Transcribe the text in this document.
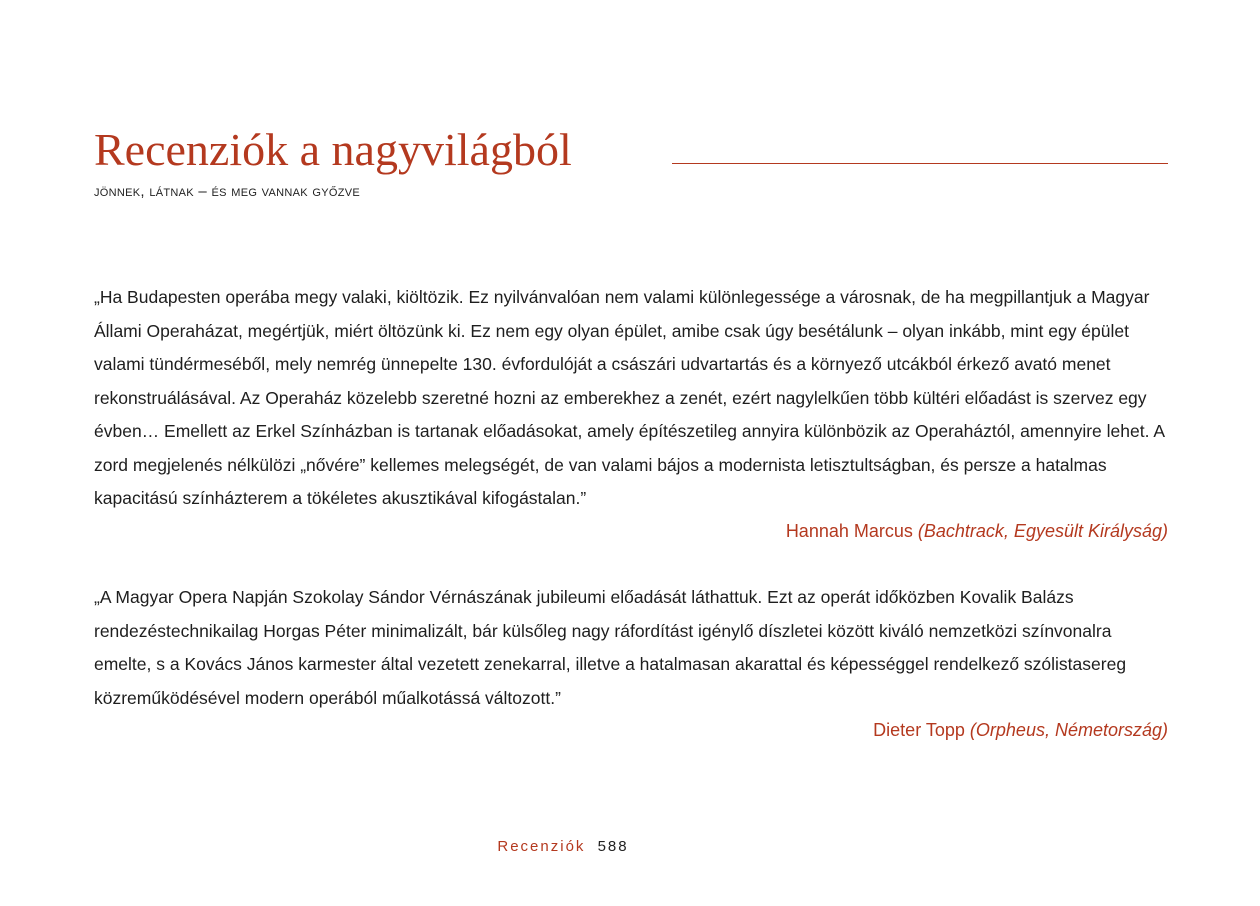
Recenziók a nagyvilágból
jönnek, látnak – és meg vannak győzve

„Ha Budapesten operába megy valaki, kiöltözik. Ez nyilvánvalóan nem valami különlegessége a városnak, de ha megpillantjuk a Magyar Állami Operaházat, megértjük, miért öltözünk ki. Ez nem egy olyan épület, amibe csak úgy besétálunk – olyan inkább, mint egy épület valami tündérmeséből, mely nemrég ünnepelte 130. évfordulóját a császári udvartartás és a környező utcákból érkező avató menet rekonstruálásával. Az Operaház közelebb szeretné hozni az emberekhez a zenét, ezért nagylelkűen több kültéri előadást is szervez egy évben… Emellett az Erkel Színházban is tartanak előadásokat, amely építészetileg annyira különbözik az Operaháztól, amennyire lehet. A zord megjelenés nélkülözi „nővére” kellemes melegségét, de van valami bájos a modernista letisztultságban, és persze a hatalmas kapacitású színházterem a tökéletes akusztikával kifogástalan.”

Hannah Marcus (Bachtrack, Egyesült Királyság)

„A Magyar Opera Napján Szokolay Sándor Vérnászának jubileumi előadását láthattuk. Ezt az operát időközben Kovalik Balázs rendezéstechnikailag Horgas Péter minimalizált, bár külsőleg nagy ráfordítást igénylő díszletei között kiváló nemzetközi színvonalra emelte, s a Kovács János karmester által vezetett zenekarral, illetve a hatalmasan akarattal és képességgel rendelkező szólistasereg közreműködésével modern operából műalkotássá változott.”

Dieter Topp (Orpheus, Németország)

Recenziók 588
